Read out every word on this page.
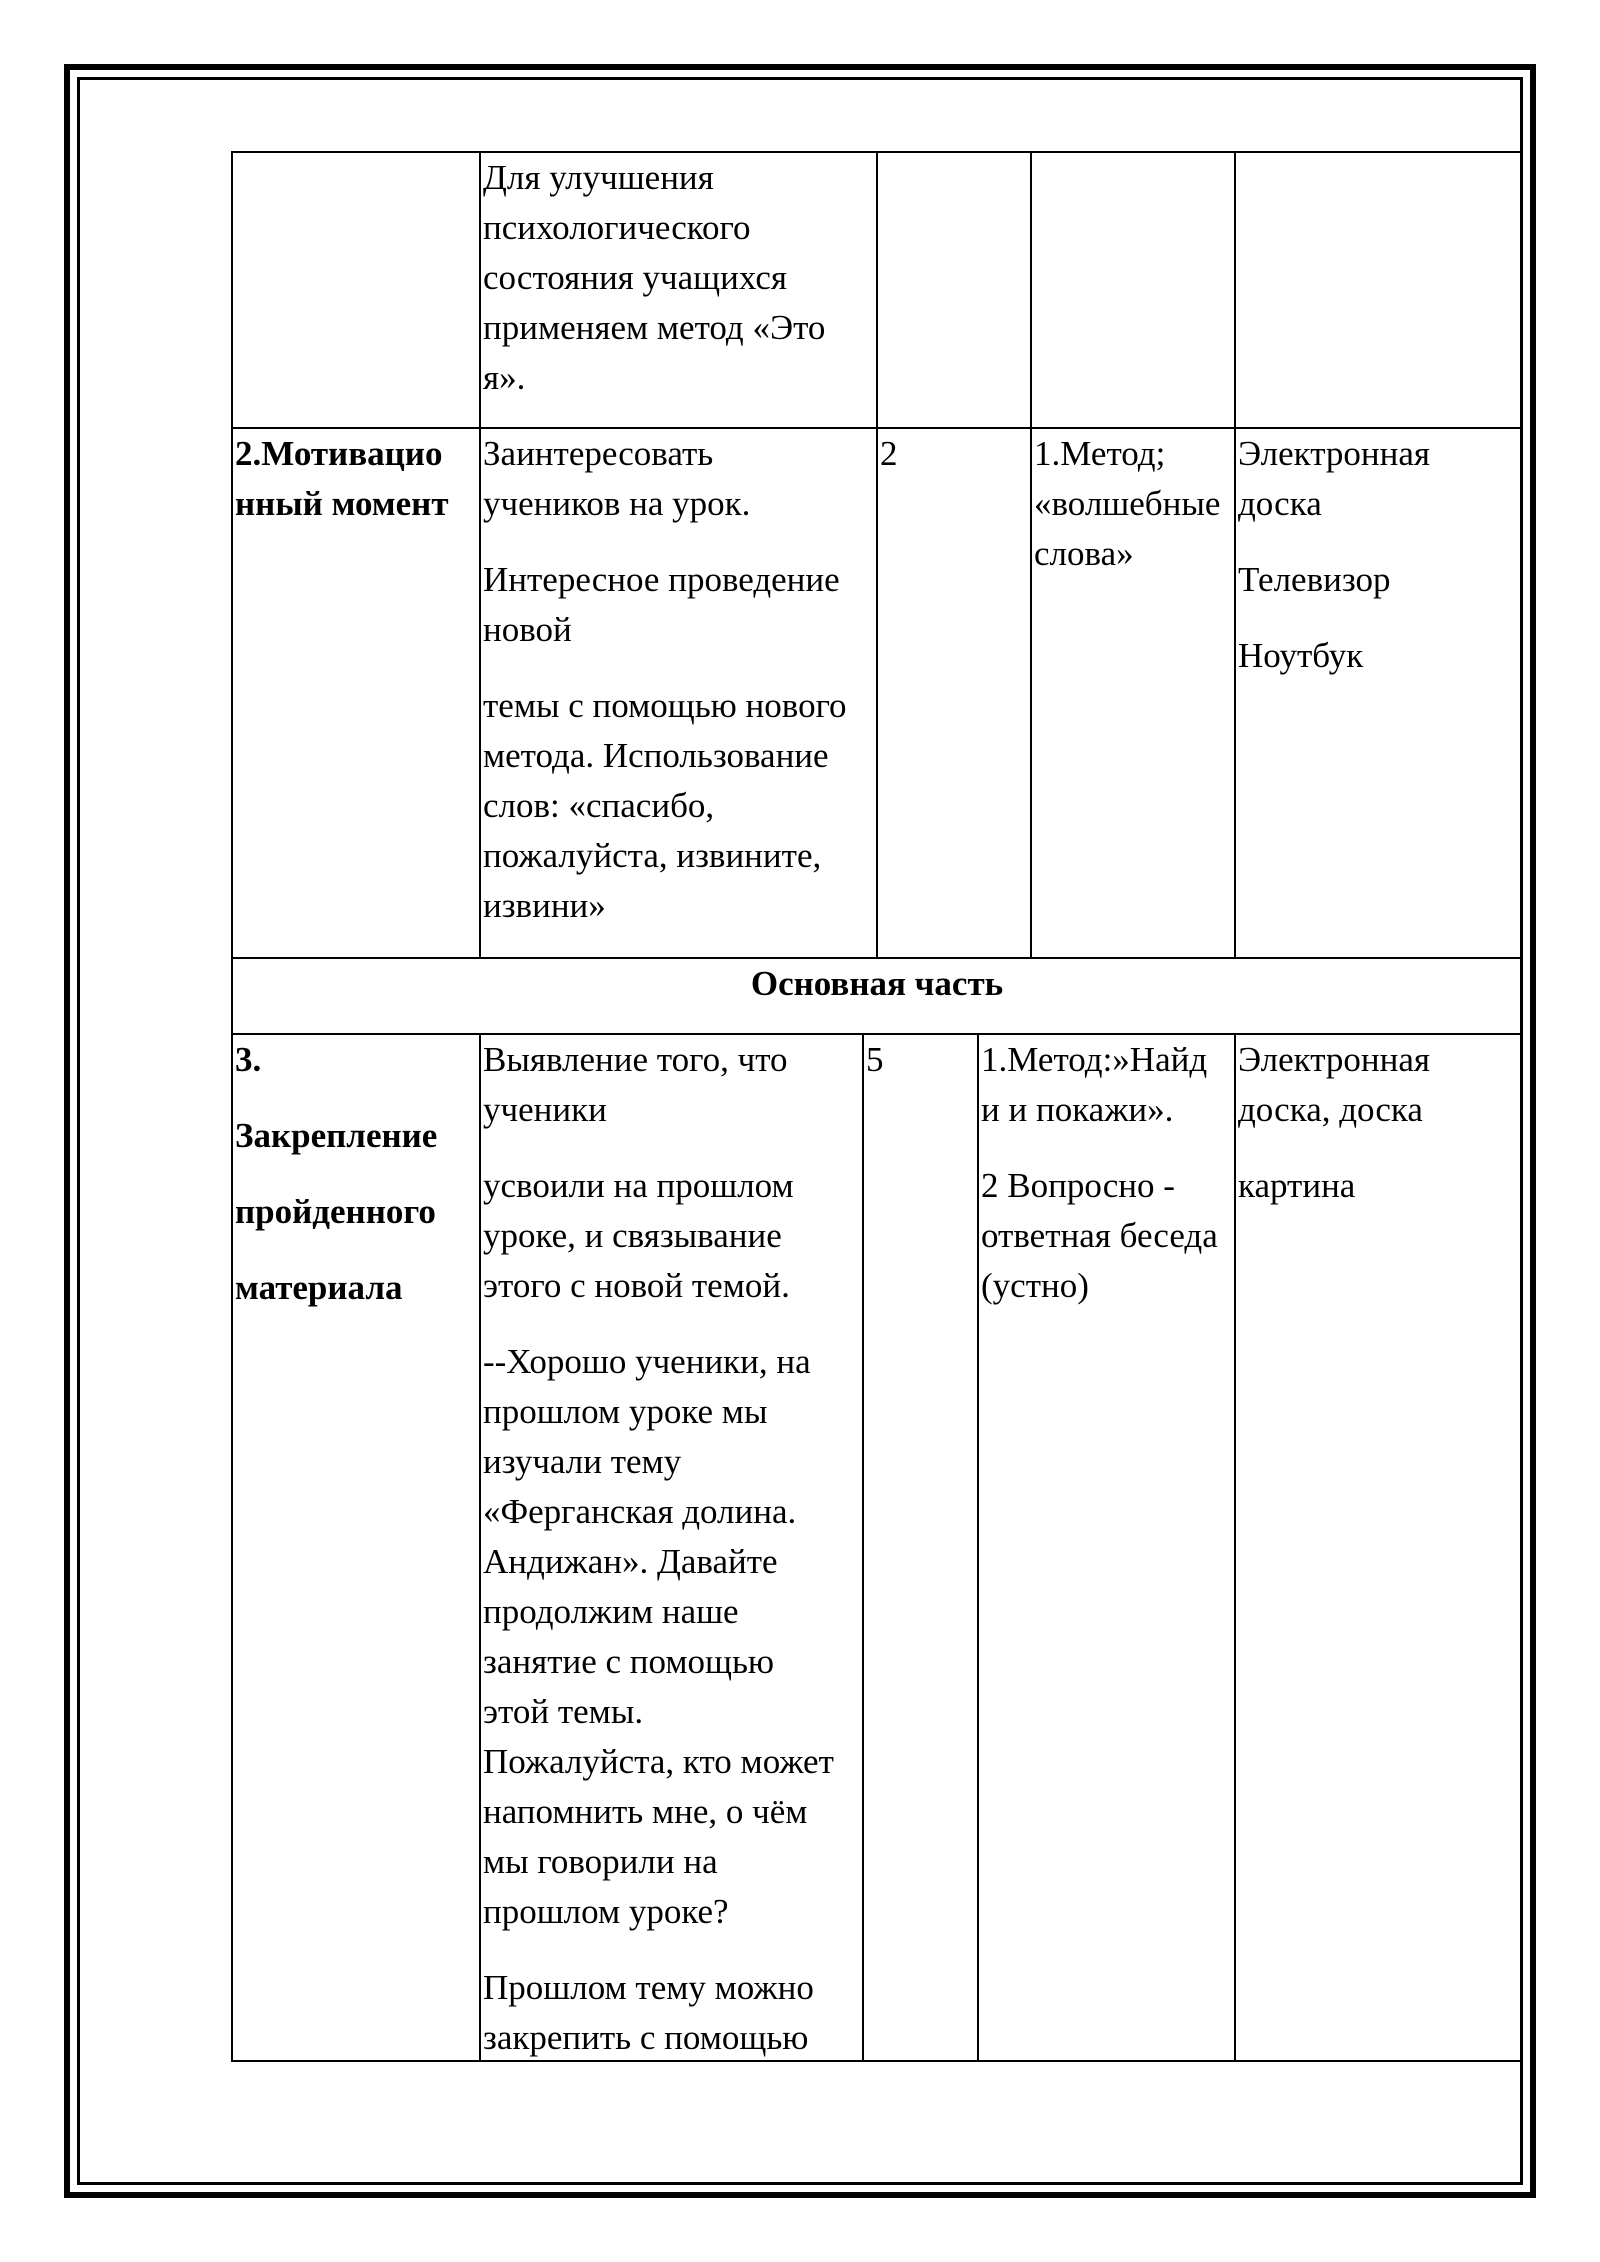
Для улучшения
психологического
состояния учащихся
применяем метод «Это
я».
2.Мотивацио
нный момент
Заинтересовать
учеников на урок.
Интересное проведение
новой
темы с помощью нового
метода. Использование
слов: «спасибо,
пожалуйста, извините,
извини»
2	1.Метод;
«волшебные
слова»
Электронная
доска
Телевизор
Ноутбук
Основная часть
3.
Закрепление
пройденного
материала
Выявление того, что
ученики
усвоили на прошлом
уроке, и связывание
этого с новой темой.
--Хорошо ученики, на
прошлом уроке мы
изучали тему
«Ферганская долина.
Андижан». Давайте
продолжим наше
занятие с помощью
этой темы.
Пожалуйста, кто может
напомнить мне, о чём
мы говорили на
прошлом уроке?
Прошлом тему можно
закрепить с помощью
5	1.Метод:»Найд
и и покажи».
2 Вопросно -
ответная беседа
(устно)
Электронная
доска, доска
картина
